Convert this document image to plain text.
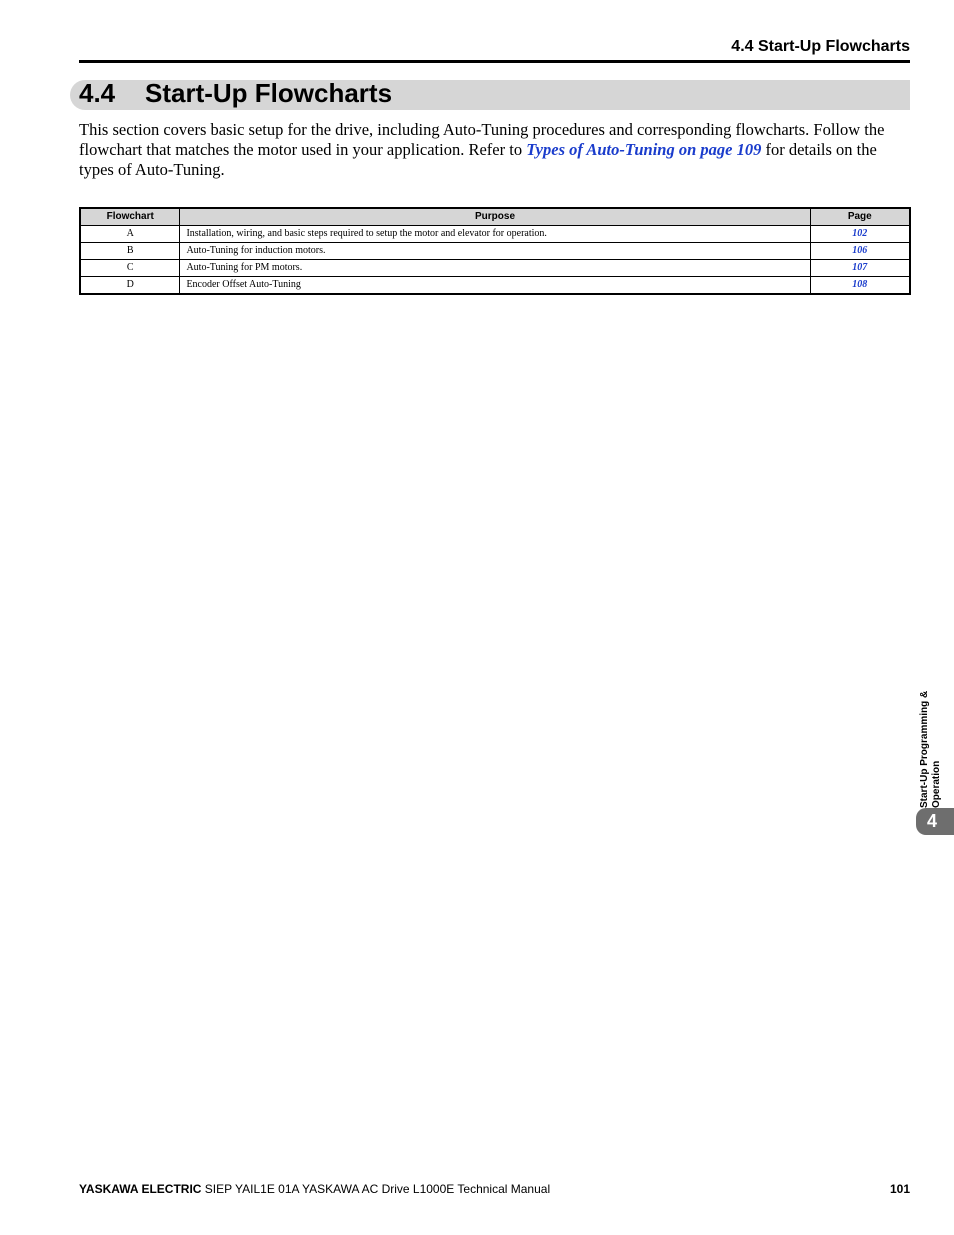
4.4 Start-Up Flowcharts
4.4 Start-Up Flowcharts

This section covers basic setup for the drive, including Auto-Tuning procedures and corresponding flowcharts. Follow the flowchart that matches the motor used in your application. Refer to Types of Auto-Tuning on page 109 for details on the types of Auto-Tuning.

Flowchart	Purpose	Page
A	Installation, wiring, and basic steps required to setup the motor and elevator for operation.	102
B	Auto-Tuning for induction motors.	106
C	Auto-Tuning for PM motors.	107
D	Encoder Offset Auto-Tuning	108
Start-Up Programming & Operation
4
YASKAWA ELECTRIC SIEP YAIL1E 01A YASKAWA AC Drive L1000E Technical Manual	101
